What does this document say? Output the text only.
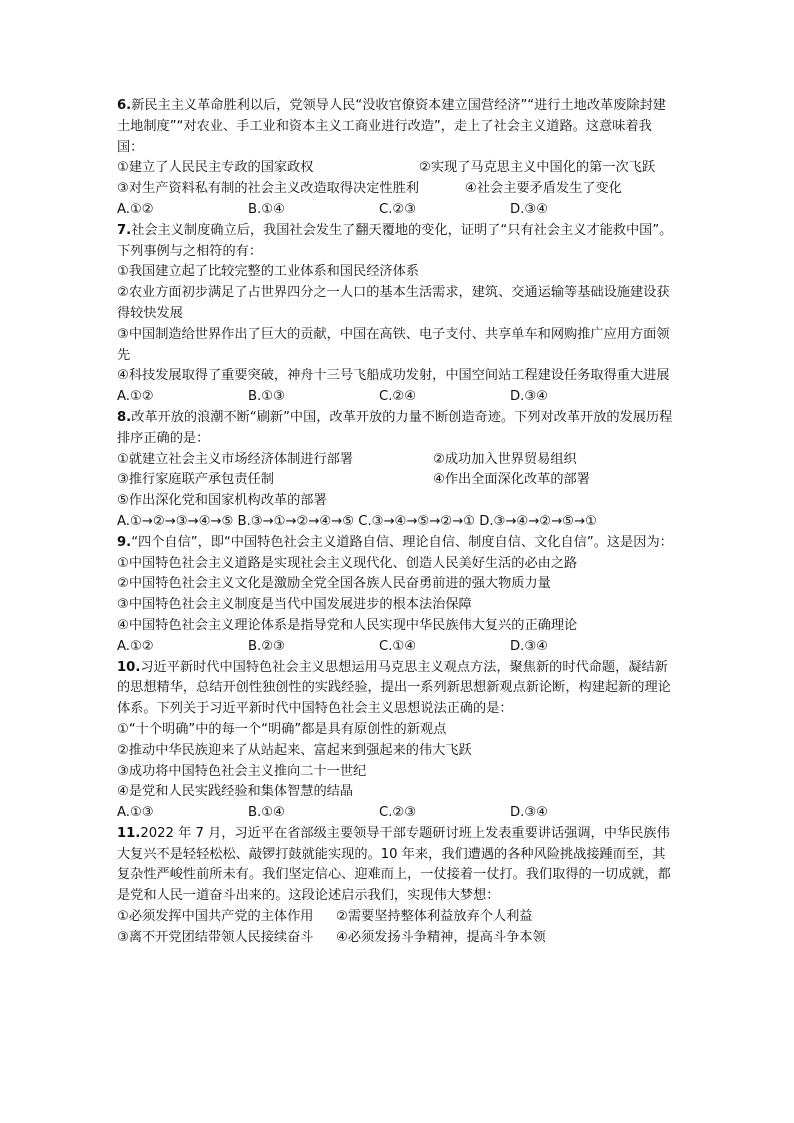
6.新民主主义革命胜利以后，党领导人民“没收官僚资本建立国营经济”“进行土地改革废除封建土地制度”“对农业、手工业和资本主义工商业进行改造”，走上了社会主义道路。这意味着我国：

①建立了人民民主专政的国家政权	②实现了马克思主义中国化的第一次飞跃
③对生产资料私有制的社会主义改造取得决定性胜利	④社会主要矛盾发生了变化
A.①②	B.①④	C.②③	D.③④

7.社会主义制度确立后，我国社会发生了翻天覆地的变化，证明了“只有社会主义才能救中国”。下列事例与之相符的有：

①我国建立起了比较完整的工业体系和国民经济体系

②农业方面初步满足了占世界四分之一人口的基本生活需求，建筑、交通运输等基础设施建设获得较快发展

③中国制造给世界作出了巨大的贡献，中国在高铁、电子支付、共享单车和网购推广应用方面领先

④科技发展取得了重要突破，神舟十三号飞船成功发射，中国空间站工程建设任务取得重大进展

A.①②	B.①③	C.②④	D.③④

8.改革开放的浪潮不断“刷新”中国，改革开放的力量不断创造奇迹。下列对改革开放的发展历程排序正确的是：

①就建立社会主义市场经济体制进行部署	②成功加入世界贸易组织
③推行家庭联产承包责任制	④作出全面深化改革的部署

⑤作出深化党和国家机构改革的部署

A.①→②→③→④→⑤ B.③→①→②→④→⑤ C.③→④→⑤→②→① D.③→④→②→⑤→①

9.“四个自信”，即“中国特色社会主义道路自信、理论自信、制度自信、文化自信”。这是因为：

①中国特色社会主义道路是实现社会主义现代化、创造人民美好生活的必由之路

②中国特色社会主义文化是激励全党全国各族人民奋勇前进的强大物质力量

③中国特色社会主义制度是当代中国发展进步的根本法治保障

④中国特色社会主义理论体系是指导党和人民实现中华民族伟大复兴的正确理论

A.①②	B.②③	C.①④	D.③④

10.习近平新时代中国特色社会主义思想运用马克思主义观点方法，聚焦新的时代命题，凝结新的思想精华，总结开创性独创性的实践经验，提出一系列新思想新观点新论断，构建起新的理论体系。下列关于习近平新时代中国特色社会主义思想说法正确的是：

①“十个明确”中的每一个“明确”都是具有原创性的新观点

②推动中华民族迎来了从站起来、富起来到强起来的伟大飞跃

③成功将中国特色社会主义推向二十一世纪

④是党和人民实践经验和集体智慧的结晶

A.①③	B.①④	C.②③	D.③④

11.2022 年 7 月，习近平在省部级主要领导干部专题研讨班上发表重要讲话强调，中华民族伟大复兴不是轻轻松松、敲锣打鼓就能实现的。10 年来，我们遭遇的各种风险挑战接踵而至，其复杂性严峻性前所未有。我们坚定信心、迎难而上，一仗接着一仗打。我们取得的一切成就，都是党和人民一道奋斗出来的。这段论述启示我们，实现伟大梦想：

①必须发挥中国共产党的主体作用	②需要坚持整体利益放弃个人利益
③离不开党团结带领人民接续奋斗	④必须发扬斗争精神，提高斗争本领
